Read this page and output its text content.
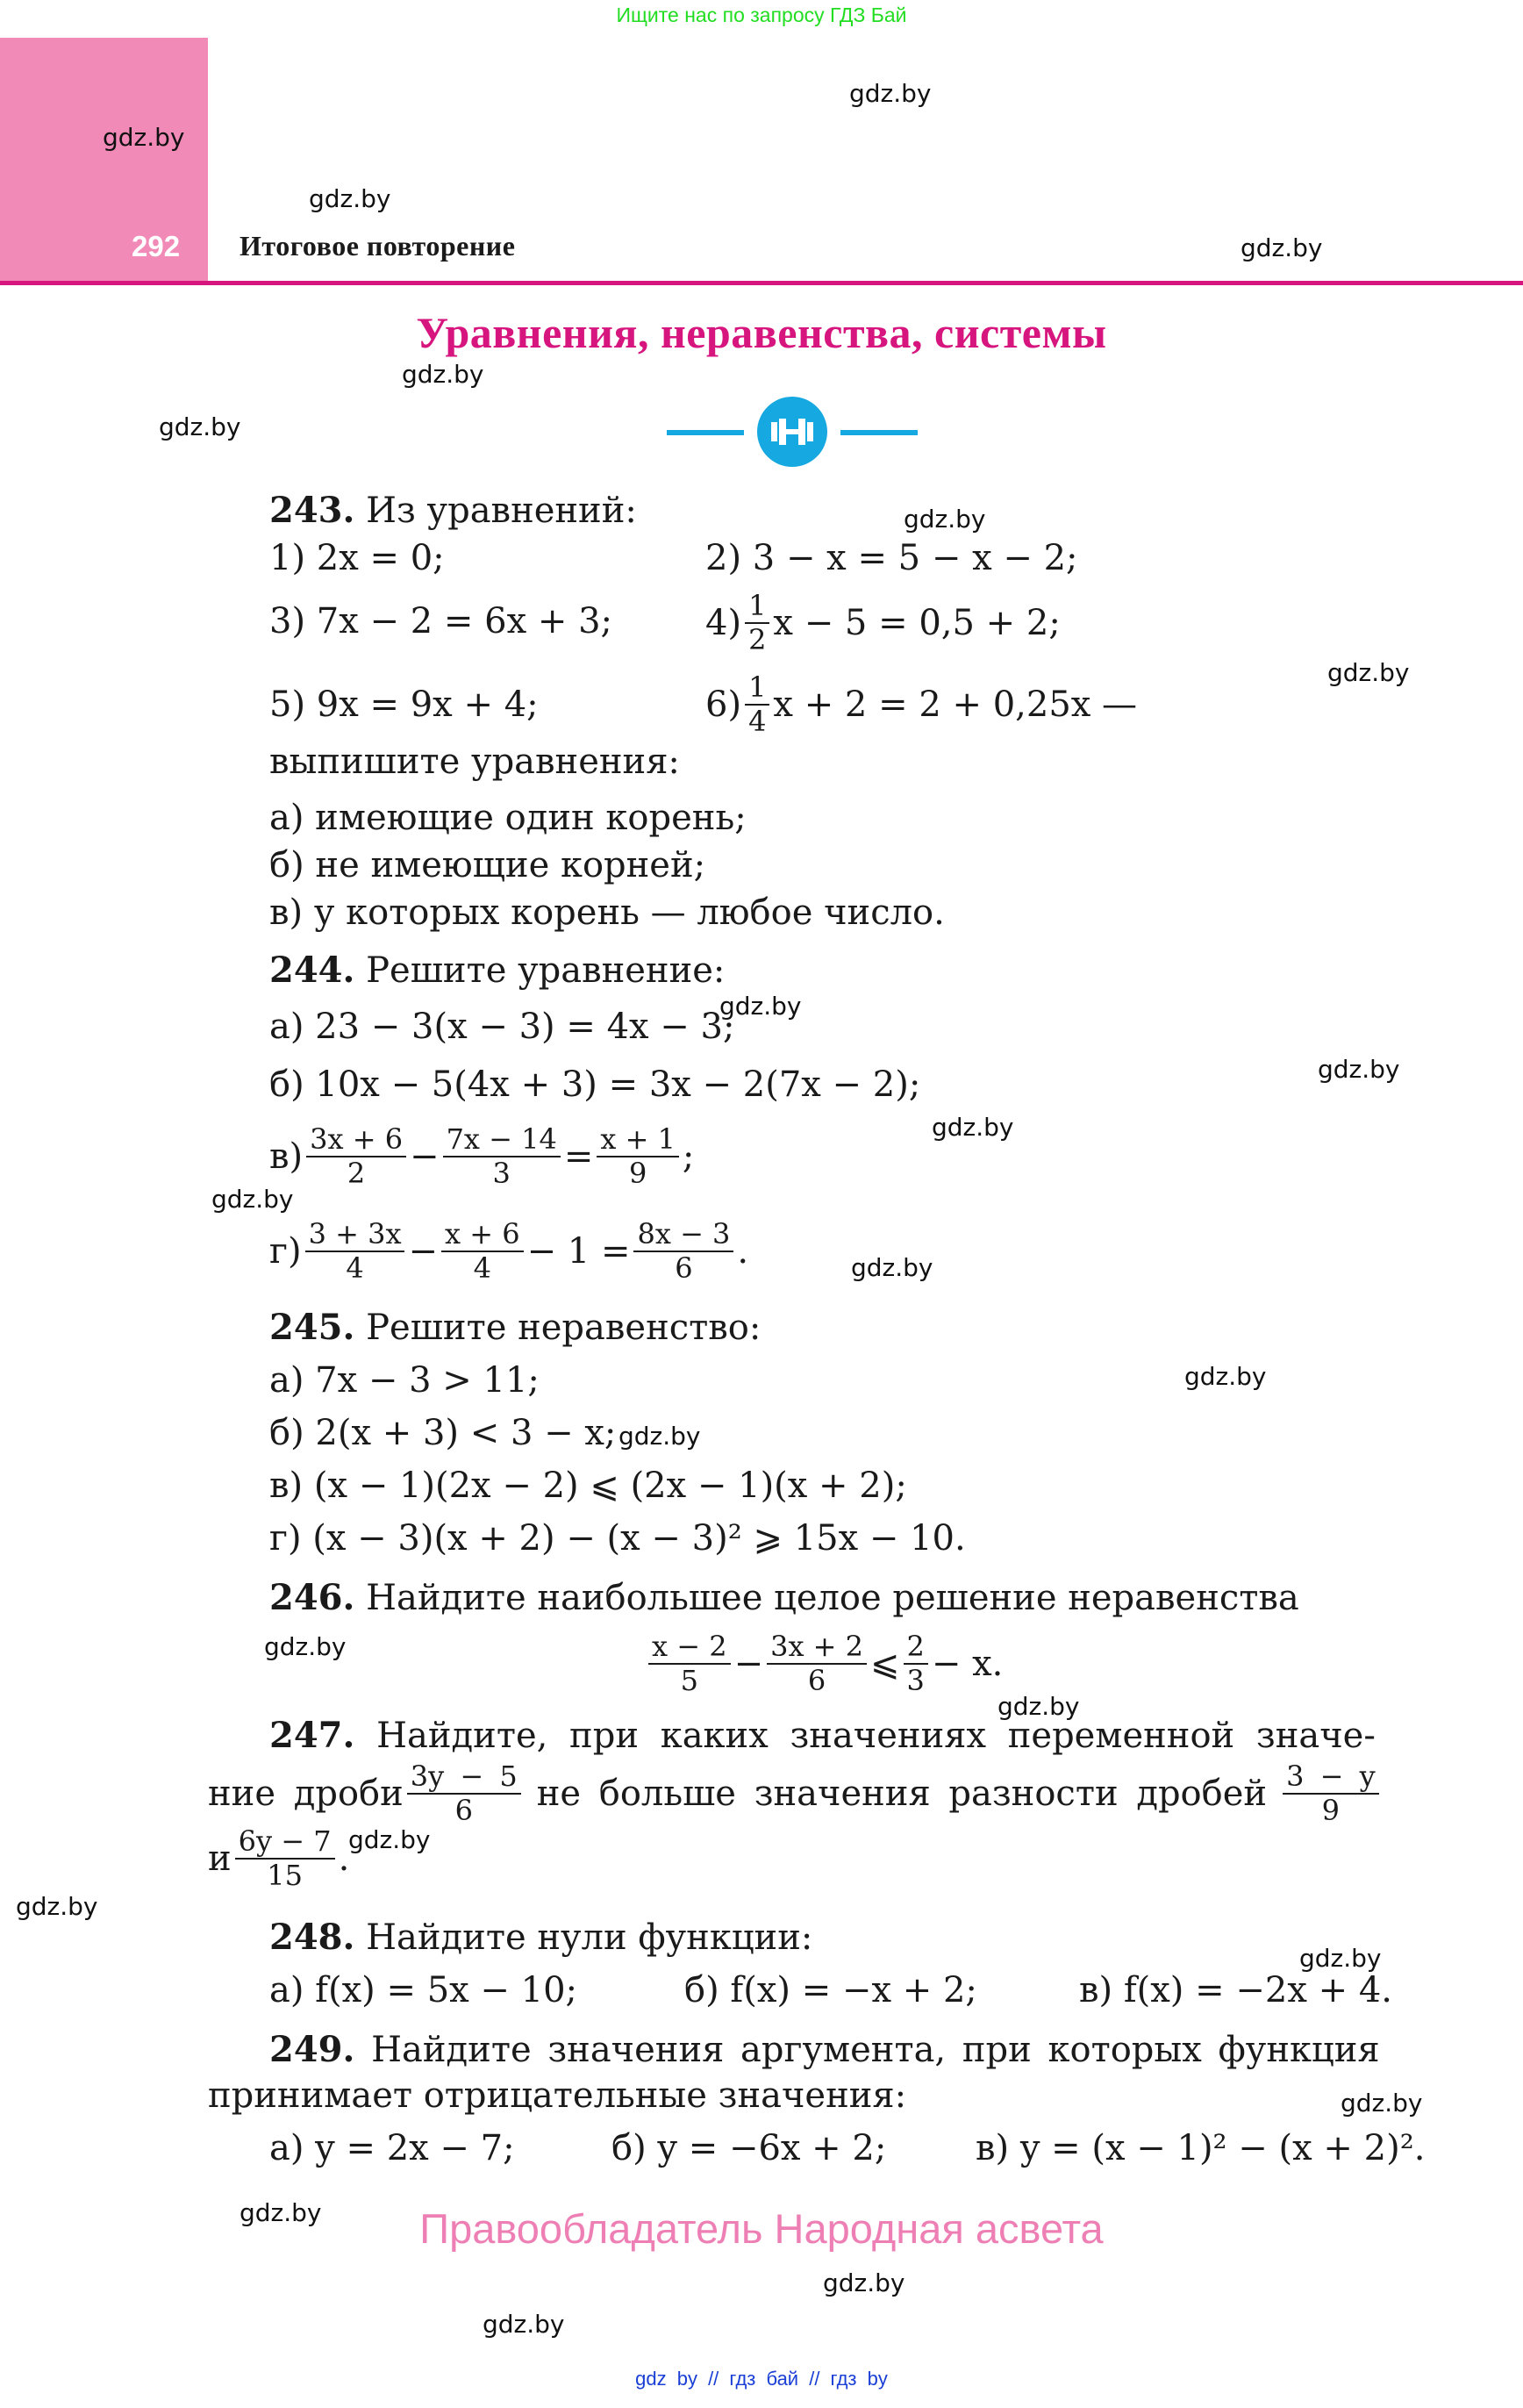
Ищите нас по запросу ГДЗ Бай
292 Итоговое повторение
Уравнения, неравенства, системы
gdz.by
gdz.by
gdz.by
gdz.by
gdz.by
gdz.by
gdz.by
gdz.by
gdz.by
gdz.by
gdz.by
gdz.by
gdz.by
gdz.by
gdz.by
gdz.by
gdz.by
gdz.by
gdz.by
gdz.by
gdz.by
gdz.by
gdz.by
gdz.by
243. Из уравнений:
1) 2x = 0;	2) 3 − x = 5 − x − 2;
3) 7x − 2 = 6x + 3;	$4) \frac{1}{2}$ x − 5 = 0,5 + 2;
5) 9x = 9x + 4;	$6) \frac{1}{4}$ x + 2 = 2 + 0,25x —
выпишите уравнения:
а) имеющие один корень;
б) не имеющие корней;
в) у которых корень — любое число.
244. Решите уравнение:
а) 23 − 3(x − 3) = 4x − 3;
б) 10x − 5(4x + 3) = 3x − 2(7x − 2);
$в) \frac{3x + 6}{2} - \frac{7x - 14}{3} = \frac{x + 1}{9}$ ;
$г) \frac{3 + 3x}{4} - \frac{x + 6}{4} - 1 = \frac{8x - 3}{6}$ .
245. Решите неравенство:
а) 7x − 3 > 11;
б) 2(x + 3) < 3 − x;
в) (x − 1)(2x − 2) ⩽ (2x − 1)(x + 2);
г) (x − 3)(x + 2) − (x − 3)² ⩾ 15x − 10.
246. Найдите наибольшее целое решение неравенства
$\frac{x - 2}{5} - \frac{3x + 2}{6}$ ⩽ $\frac{2}{3} - x$.
247. Найдите, при каких значениях переменной значе-
ние дроби $\frac{3y - 5}{6}$ не больше значения разности дробей $\frac{3 - y}{9}$
и $\frac{6y - 7}{15}$ .
248. Найдите нули функции:
а) f(x) = 5x − 10;	б) f(x) = −x + 2;	в) f(x) = −2x + 4.
249. Найдите значения аргумента, при которых функция
принимает отрицательные значения:
а) y = 2x − 7;	б) y = −6x + 2;	в) y = (x − 1)² − (x + 2)².
Правообладатель Народная асвета
gdz by // гдз бай // гдз by
